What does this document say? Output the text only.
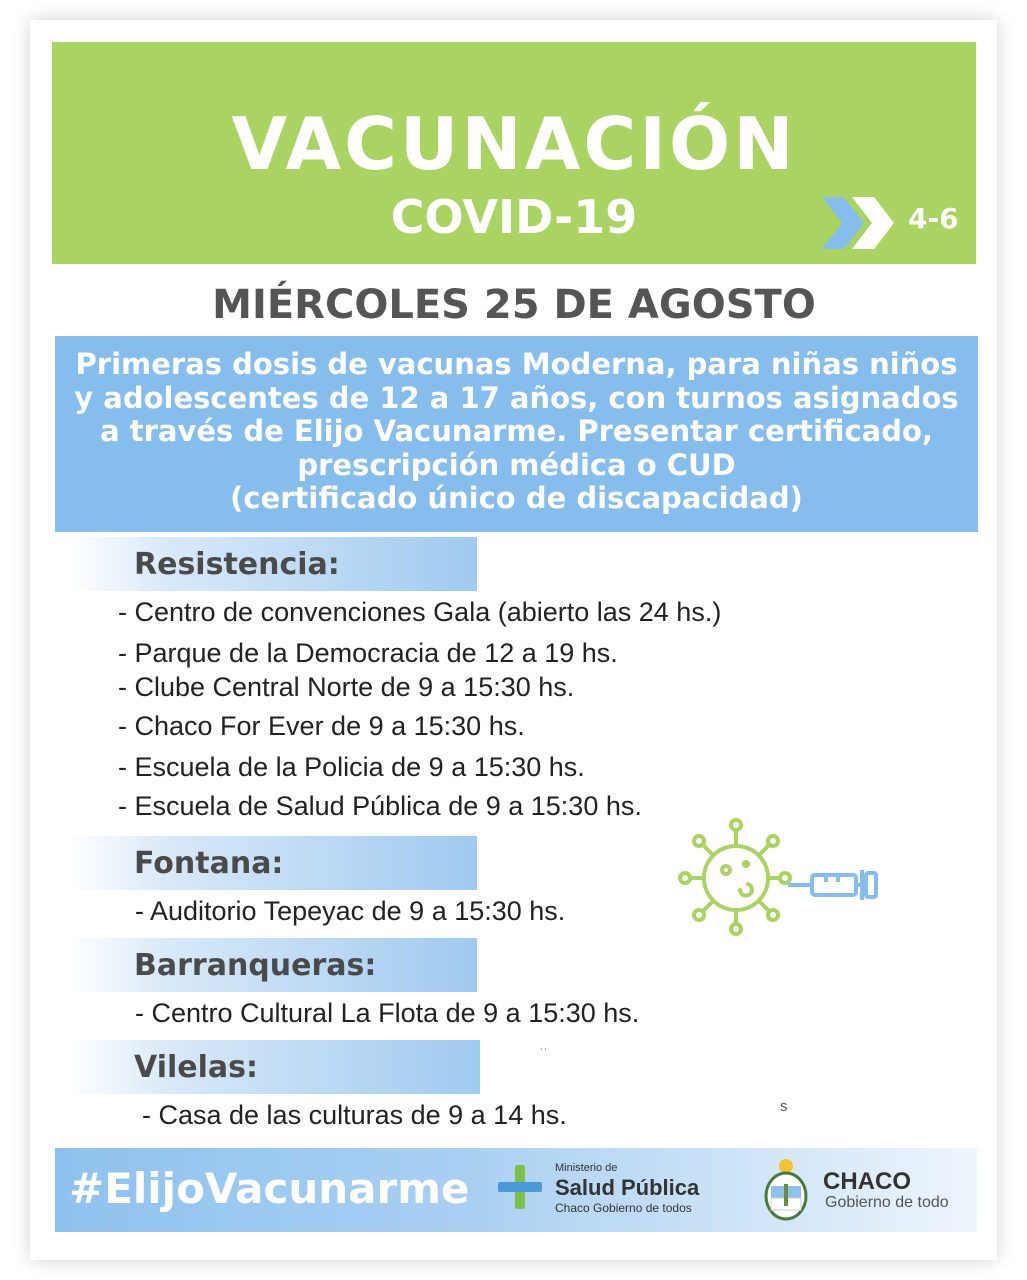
VACUNACIÓN
COVID-19	4-6
MIÉRCOLES 25 DE AGOSTO
Primeras dosis de vacunas Moderna, para niñas niños
y adolescentes de 12 a 17 años, con turnos asignados
a través de Elijo Vacunarme. Presentar certificado,
prescripción médica o CUD
(certificado único de discapacidad)
Resistencia:
- Centro de convenciones Gala (abierto las 24 hs.)
- Parque de la Democracia de 12 a 19 hs.
- Clube Central Norte de 9 a 15:30 hs.
- Chaco For Ever de 9 a 15:30 hs.
- Escuela de la Policia de 9 a 15:30 hs.
- Escuela de Salud Pública de 9 a 15:30 hs.
Fontana:
- Auditorio Tepeyac de 9 a 15:30 hs.
Barranqueras:
- Centro Cultural La Flota de 9 a 15:30 hs.
Vilelas:
- Casa de las culturas de 9 a 14 hs.
˙˙
s
#ElijoVacunarme	Ministerio de
Salud Pública
Chaco Gobierno de todos
CHACO
Gobierno de todo
